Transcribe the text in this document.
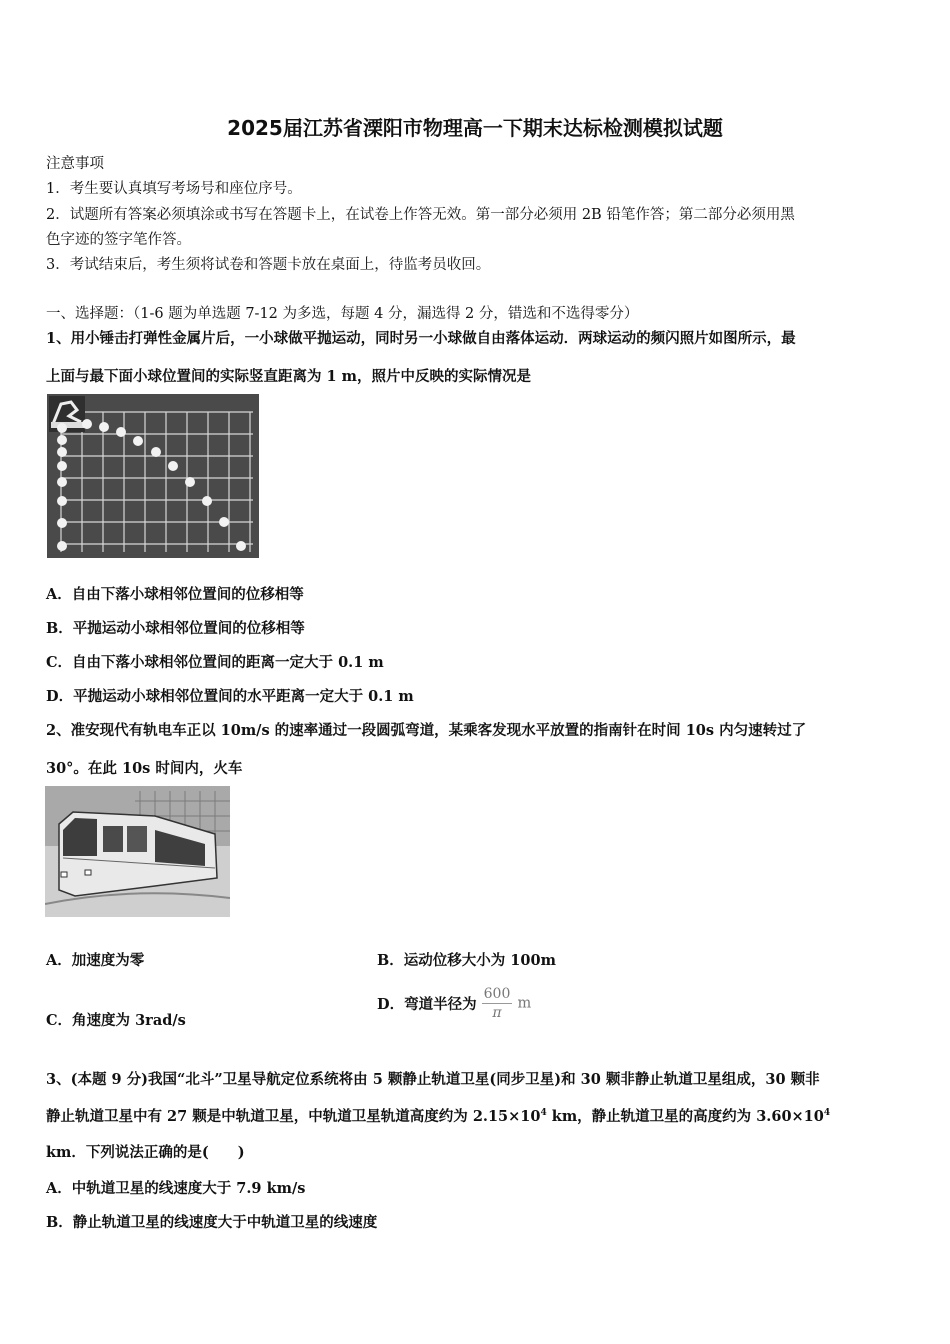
2025届江苏省溧阳市物理高一下期末达标检测模拟试题
注意事项
1．考生要认真填写考场号和座位序号。
2．试题所有答案必须填涂或书写在答题卡上，在试卷上作答无效。第一部分必须用 2B 铅笔作答；第二部分必须用黑
色字迹的签字笔作答。
3．考试结束后，考生须将试卷和答题卡放在桌面上，待监考员收回。
一、选择题：（1-6 题为单选题 7-12 为多选，每题 4 分，漏选得 2 分，错选和不选得零分）
1、用小锤击打弹性金属片后，一小球做平抛运动，同时另一小球做自由落体运动．两球运动的频闪照片如图所示，最
上面与最下面小球位置间的实际竖直距离为 1 m，照片中反映的实际情况是
A．自由下落小球相邻位置间的位移相等
B．平抛运动小球相邻位置间的位移相等
C．自由下落小球相邻位置间的距离一定大于 0.1 m
D．平抛运动小球相邻位置间的水平距离一定大于 0.1 m
2、准安现代有轨电车正以 10m/s 的速率通过一段圆弧弯道，某乘客发现水平放置的指南针在时间 10s 内匀速转过了
30°。在此 10s 时间内，火车
A．加速度为零	B．运动位移大小为 100m
C．角速度为 3rad/s
D．弯道半径为 $\frac{600}{\pi}$ m
3、(本题 9 分)我国“北斗”卫星导航定位系统将由 5 颗静止轨道卫星(同步卫星)和 30 颗非静止轨道卫星组成，30 颗非
静止轨道卫星中有 27 颗是中轨道卫星，中轨道卫星轨道高度约为 $2.15\times 10^4$ km，静止轨道卫星的高度约为 $3.60\times 10^4$
km．下列说法正确的是(　　)
A．中轨道卫星的线速度大于 7.9 km/s
B．静止轨道卫星的线速度大于中轨道卫星的线速度
